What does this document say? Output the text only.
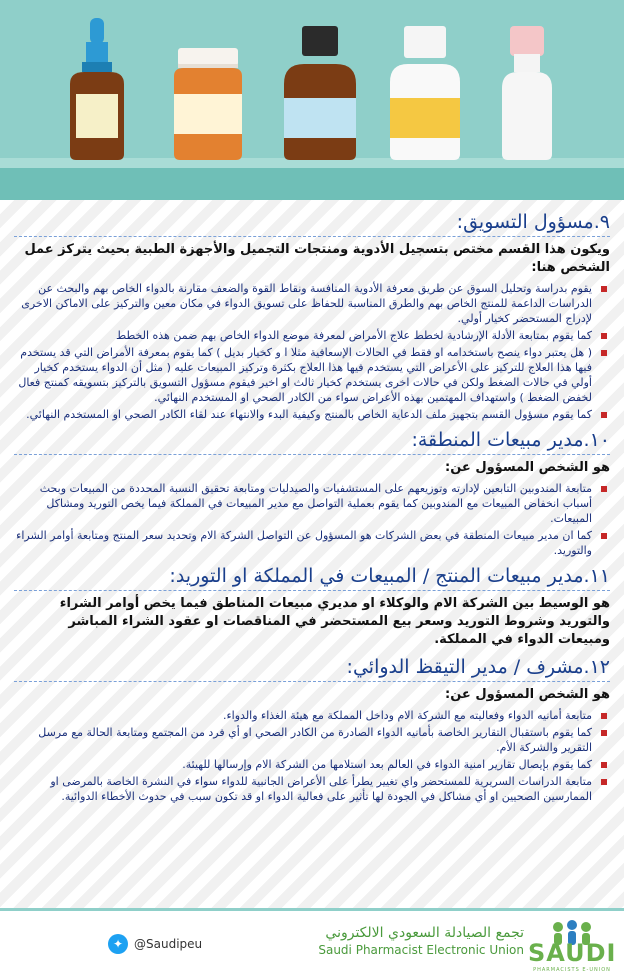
٩.مسؤول التسويق:
ويكون هذا القسم مختص بتسجيل الأدوية ومنتجات التجميل والأجهزة الطبية بحيث يتركز عمل الشخص هنا:
يقوم بدراسة وتحليل السوق عن طريق معرفة الأدوية المنافسة ونقاط القوة والضعف مقارنة بالدواء الخاص بهم والبحث عن الدراسات الداعمة للمنتج الخاص بهم والطرق المناسبة للحفاظ على تسويق الدواء في مكان معين والتركيز على الاماكن الاخرى لإدراج المستحضر كخيار أولي.
كما يقوم بمتابعة الأدلة الإرشادية لخطط علاج الأمراض لمعرفة موضع الدواء الخاص بهم ضمن هذه الخطط
( هل يعتبر دواء ينصح باستخدامه او فقط في الحالات الإسعافية مثلا ا و كخيار بديل ) كما يقوم بمعرفة الأمراض التي قد يستخدم فيها هذا العلاج للتركيز على الأعراض التي يستخدم فيها هذا العلاج بكثرة وتركيز المبيعات عليه ( مثل أن الدواء يستخدم كخيار أولي في حالات الضغط ولكن في حالات اخرى يستخدم كخيار ثالث او اخير فيقوم مسؤول التسويق بالتركيز بتسويقه كمنتج فعال لخفض الضغط ) واستهداف المهتمين بهذه الأعراض سواء من الكادر الصحي او المستخدم النهائي.
كما يقوم مسؤول القسم بتجهيز ملف الدعاية الخاص بالمنتج وكيفية البدء والانتهاء عند لقاء الكادر الصحي او المستخدم النهائي.
١٠.مدير مبيعات المنطقة:
هو الشخص المسؤول عن:
متابعة المندوبين التابعين لإدارته وتوزيعهم على المستشفيات والصيدليات ومتابعة تحقيق النسبة المحددة من المبيعات وبحث أسباب انخفاض المبيعات مع المندوبين كما يقوم بعملية التواصل مع مدير المبيعات في المملكة فيما يخص التوريد ومشاكل المبيعات.
كما ان مدير مبيعات المنطقة في بعض الشركات هو المسؤول عن التواصل الشركة الام وتحديد سعر المنتج ومتابعة أوامر الشراء والتوريد.
١١.مدير مبيعات المنتج / المبيعات في المملكة او التوريد:
هو الوسيط بين الشركة الام والوكلاء او مديري مبيعات المناطق فيما يخص أوامر الشراء والتوريد وشروط التوريد وسعر بيع المستحضر في المناقصات او عقود الشراء المباشر ومبيعات الدواء في المملكة.
١٢.مشرف / مدير التيقظ الدوائي:
هو الشخص المسؤول عن:
متابعة أمانيه الدواء وفعاليته مع الشركة الام وداخل المملكة مع هيئة الغذاء والدواء.
كما يقوم باستقبال التقارير الخاصة بأمانيه الدواء الصادرة من الكادر الصحي او أي فرد من المجتمع ومتابعة الحالة مع مرسل التقرير والشركة الأم.
كما يقوم بإيصال تقارير امنية الدواء في العالم بعد استلامها من الشركة الام وإرسالها للهيئة.
متابعة الدراسات السريرية للمستحضر واي تغيير يطرأ على الأعراض الجانبية للدواء سواء في النشرة الخاصة بالمرضى او الممارسين الصحيين او أي مشاكل في الجودة لها تأثير على فعالية الدواء او قد تكون سبب في حدوث الأخطاء الدوائية.
✦ @Saudipeu
تجمع الصيادلة السعودي الالكتروني
Saudi Pharmacist Electronic Union SAUDI
PHARMACISTS E-UNION
